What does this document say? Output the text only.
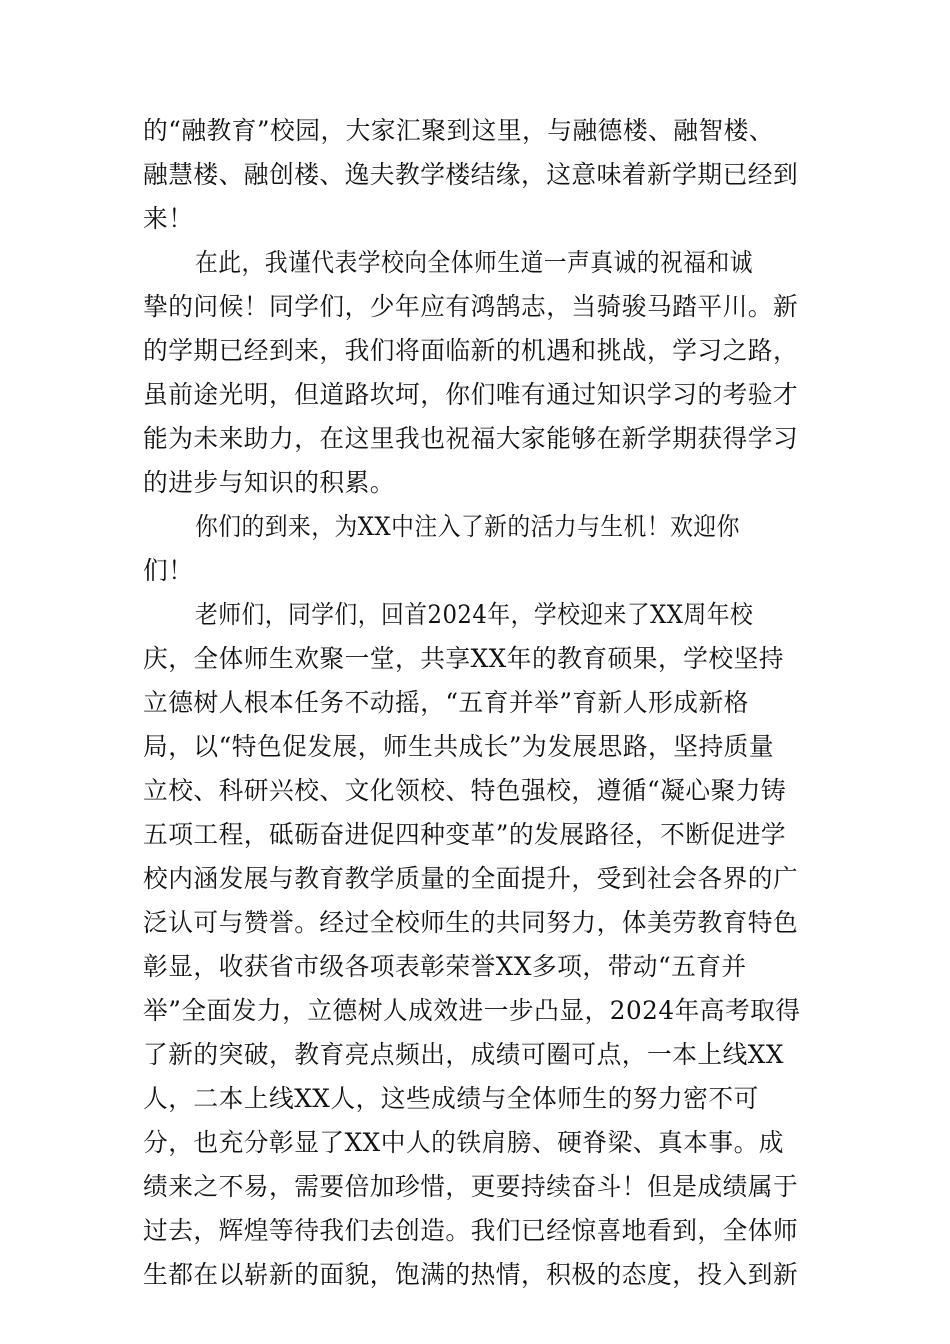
的“融教育”校园，大家汇聚到这里，与融德楼、融智楼、
融慧楼、融创楼、逸夫教学楼结缘，这意味着新学期已经到
来！
在此，我谨代表学校向全体师生道一声真诚的祝福和诚
挚的问候！同学们，少年应有鸿鹄志，当骑骏马踏平川。新
的学期已经到来，我们将面临新的机遇和挑战，学习之路，
虽前途光明，但道路坎坷，你们唯有通过知识学习的考验才
能为未来助力，在这里我也祝福大家能够在新学期获得学习
的进步与知识的积累。
你们的到来，为XX中注入了新的活力与生机！欢迎你
们！
老师们，同学们，回首2024年，学校迎来了XX周年校
庆，全体师生欢聚一堂，共享XX年的教育硕果，学校坚持
立德树人根本任务不动摇，“五育并举”育新人形成新格
局，以“特色促发展，师生共成长”为发展思路，坚持质量
立校、科研兴校、文化领校、特色强校，遵循“凝心聚力铸
五项工程，砥砺奋进促四种变革”的发展路径，不断促进学
校内涵发展与教育教学质量的全面提升，受到社会各界的广
泛认可与赞誉。经过全校师生的共同努力，体美劳教育特色
彰显，收获省市级各项表彰荣誉XX多项，带动“五育并
举”全面发力，立德树人成效进一步凸显，2024年高考取得
了新的突破，教育亮点频出，成绩可圈可点，一本上线XX
人，二本上线XX人，这些成绩与全体师生的努力密不可
分，也充分彰显了XX中人的铁肩膀、硬脊梁、真本事。成
绩来之不易，需要倍加珍惜，更要持续奋斗！但是成绩属于
过去，辉煌等待我们去创造。我们已经惊喜地看到，全体师
生都在以崭新的面貌，饱满的热情，积极的态度，投入到新
